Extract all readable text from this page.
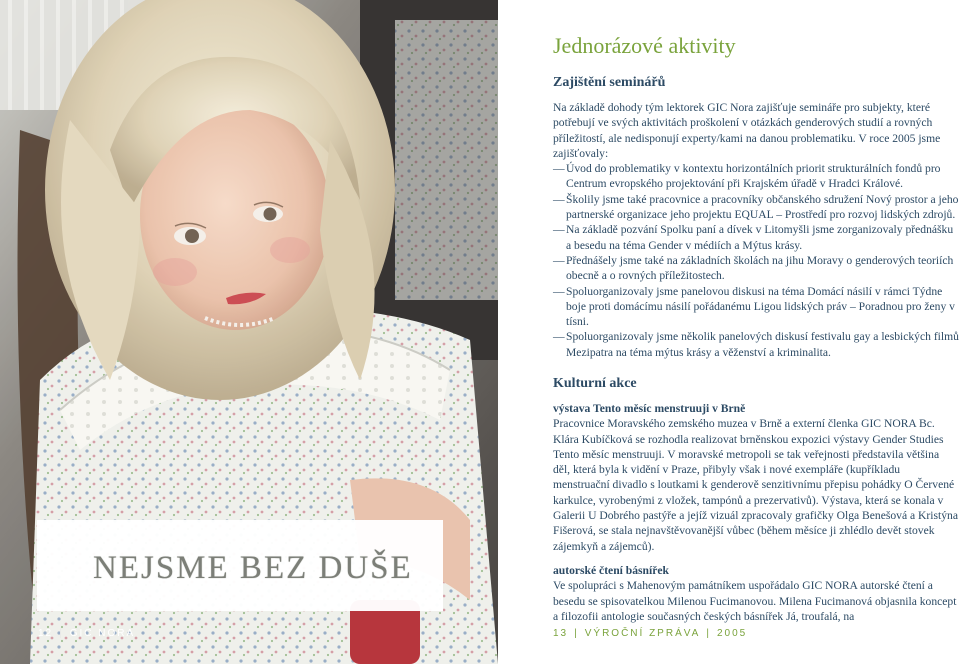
NEJSME BEZ DUŠE
12 | GIC NORA
Jednorázové aktivity
Zajištění seminářů

Na základě dohody tým lektorek GIC Nora zajišťuje semináře pro subjekty, které potřebují ve svých aktivitách proškolení v otázkách genderových studií a rovných příležitostí, ale nedisponují experty/kami na danou problematiku. V roce 2005 jsme zajišťovaly:

— Úvod do problematiky v kontextu horizontálních priorit strukturálních fondů pro Centrum evropského projektování při Krajském úřadě v Hradci Králové.
— Školily jsme také pracovnice a pracovníky občanského sdružení Nový prostor a jeho partnerské organizace jeho projektu EQUAL – Prostředí pro rozvoj lidských zdrojů.
— Na základě pozvání Spolku paní a dívek v Litomyšli jsme zorganizovaly přednášku a besedu na téma Gender v médiích a Mýtus krásy.
— Přednášely jsme také na základních školách na jihu Moravy o genderových teoriích obecně a o rovných příležitostech.
— Spoluorganizovaly jsme panelovou diskusi na téma Domácí násilí v rámci Týdne boje proti domácímu násilí pořádanému Ligou lidských práv – Poradnou pro ženy v tísni.
— Spoluorganizovaly jsme několik panelových diskusí festivalu gay a lesbických filmů Mezipatra na téma mýtus krásy a věženství a kriminalita.
Kulturní akce

výstava Tento měsíc menstruuji v Brně

Pracovnice Moravského zemského muzea v Brně a externí členka GIC NORA Bc. Klára Kubíčková se rozhodla realizovat brněnskou expozici výstavy Gender Studies Tento měsíc menstruuji. V moravské metropoli se tak veřejnosti představila většina děl, která byla k vidění v Praze, přibyly však i nové exempláře (kupříkladu menstruační divadlo s loutkami k genderově senzitivnímu přepisu pohádky O Červené karkulce, vyrobenými z vložek, tampónů a prezervativů). Výstava, která se konala v Galerii U Dobrého pastýře a jejíž vizuál zpracovaly grafičky Olga Benešová a Kristýna Fišerová, se stala nejnavštěvovanější vůbec (během měsíce ji zhlédlo devět stovek zájemkyň a zájemců).

autorské čtení básnířek

Ve spolupráci s Mahenovým památníkem uspořádalo GIC NORA autorské čtení a besedu se spisovatelkou Milenou Fucimanovou. Milena Fucimanová objasnila koncept a filozofii antologie současných českých básnířek Já, troufalá, na

13 | VÝROČNÍ ZPRÁVA | 2005
